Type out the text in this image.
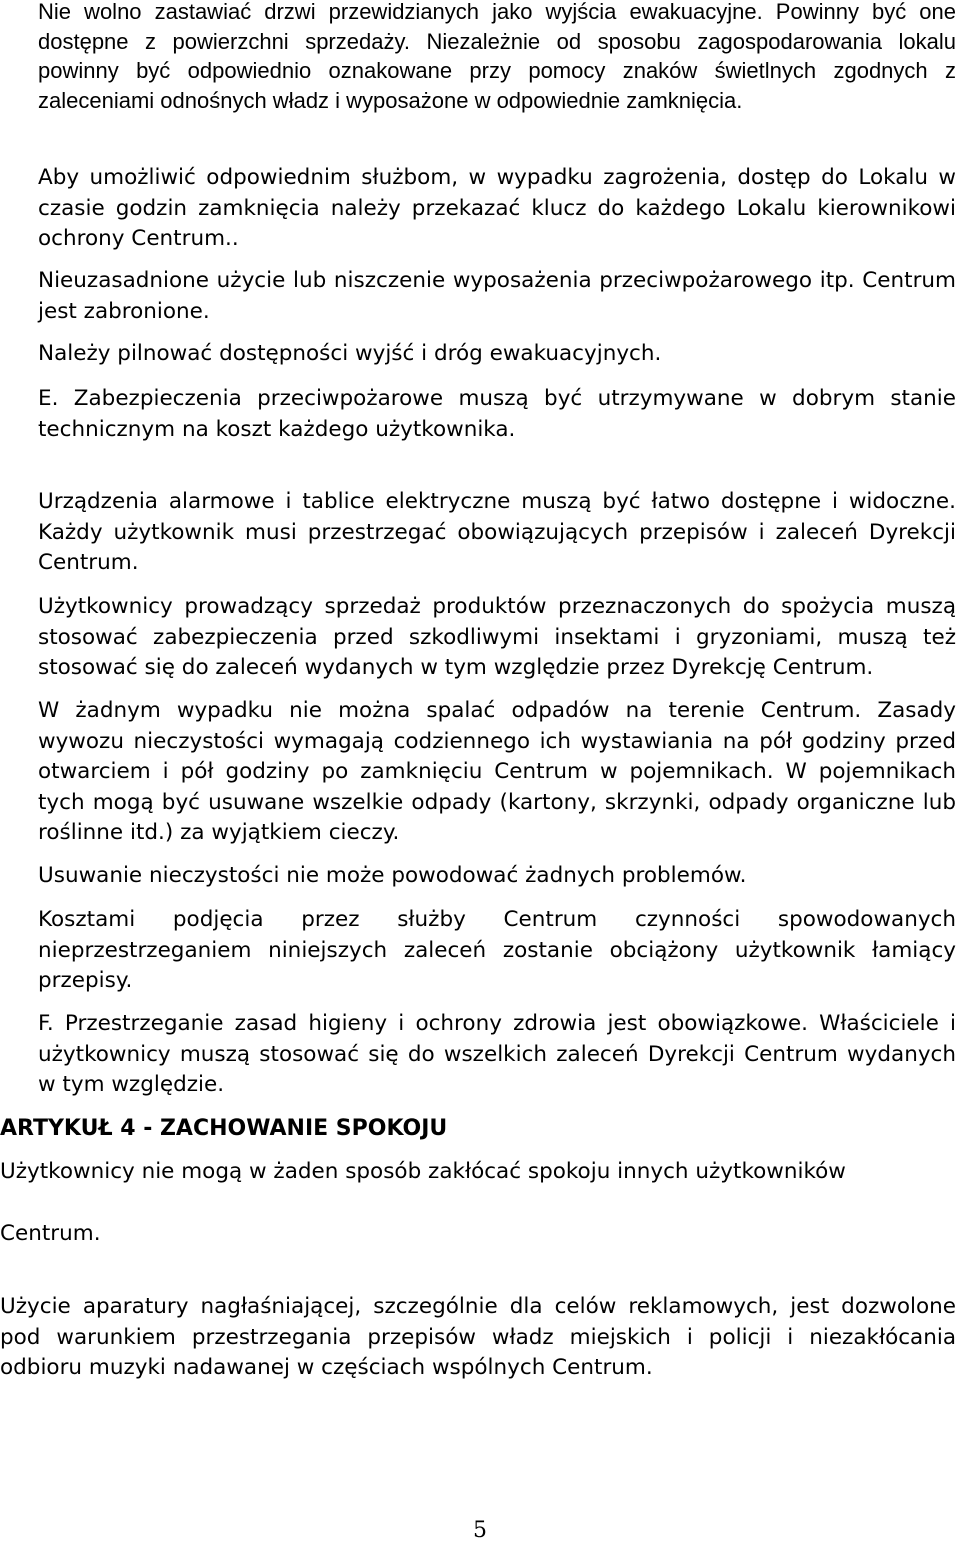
Nie wolno zastawiać drzwi przewidzianych jako wyjścia ewakuacyjne. Powinny być one dostępne z powierzchni sprzedaży. Niezależnie od sposobu zagospodarowania lokalu powinny być odpowiednio oznakowane przy pomocy znaków świetlnych zgodnych z zaleceniami odnośnych władz i wyposażone w odpowiednie zamknięcia.

Aby umożliwić odpowiednim służbom, w wypadku zagrożenia, dostęp do Lokalu w czasie godzin zamknięcia należy przekazać klucz do każdego Lokalu kierownikowi ochrony Centrum..

Nieuzasadnione użycie lub niszczenie wyposażenia przeciwpożarowego itp. Centrum jest zabronione.

Należy pilnować dostępności wyjść i dróg ewakuacyjnych.

E. Zabezpieczenia przeciwpożarowe muszą być utrzymywane w dobrym stanie technicznym na koszt każdego użytkownika.

Urządzenia alarmowe i tablice elektryczne muszą być łatwo dostępne i widoczne. Każdy użytkownik musi przestrzegać obowiązujących przepisów i zaleceń Dyrekcji Centrum.

Użytkownicy prowadzący sprzedaż produktów przeznaczonych do spożycia muszą stosować zabezpieczenia przed szkodliwymi insektami i gryzoniami, muszą też stosować się do zaleceń wydanych w tym względzie przez Dyrekcję Centrum.

W żadnym wypadku nie można spalać odpadów na terenie Centrum. Zasady wywozu nieczystości wymagają codziennego ich wystawiania na pół godziny przed otwarciem i pół godziny po zamknięciu Centrum w pojemnikach. W pojemnikach tych mogą być usuwane wszelkie odpady (kartony, skrzynki, odpady organiczne lub roślinne itd.) za wyjątkiem cieczy.

Usuwanie nieczystości nie może powodować żadnych problemów.

Kosztami podjęcia przez służby Centrum czynności spowodowanych nieprzestrzeganiem niniejszych zaleceń zostanie obciążony użytkownik łamiący przepisy.

F. Przestrzeganie zasad higieny i ochrony zdrowia jest obowiązkowe. Właściciele i użytkownicy muszą stosować się do wszelkich zaleceń Dyrekcji Centrum wydanych w tym względzie.

ARTYKUŁ 4 - ZACHOWANIE SPOKOJU

Użytkownicy nie mogą w żaden sposób zakłócać spokoju innych użytkowników

Centrum.

Użycie aparatury nagłaśniającej, szczególnie dla celów reklamowych, jest dozwolone pod warunkiem przestrzegania przepisów władz miejskich i policji i niezakłócania odbioru muzyki nadawanej w częściach wspólnych Centrum.

5
